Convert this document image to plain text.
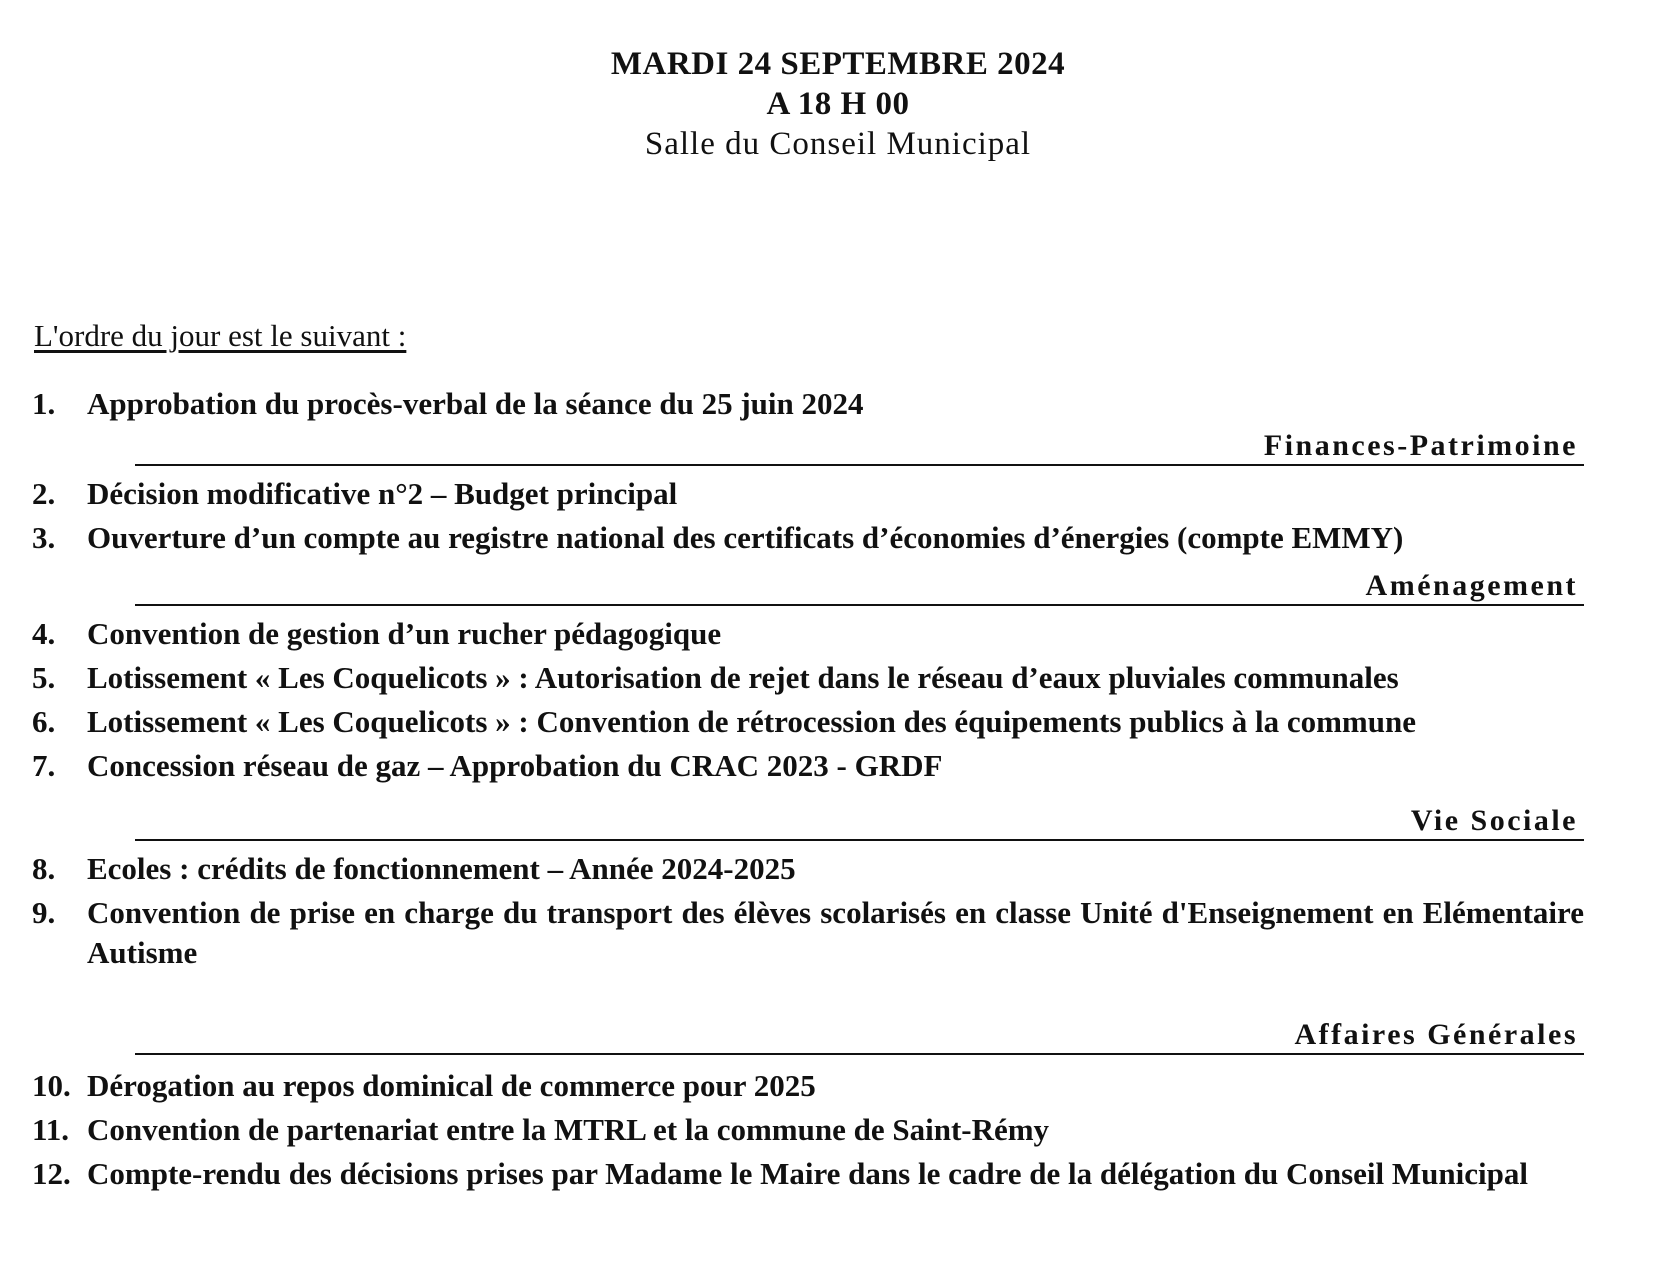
MARDI 24 SEPTEMBRE 2024
A 18 H 00
Salle du Conseil Municipal
L'ordre du jour est le suivant :
1. Approbation du procès-verbal de la séance du 25 juin 2024
Finances-Patrimoine
2. Décision modificative n°2 – Budget principal
3. Ouverture d’un compte au registre national des certificats d’économies d’énergies (compte EMMY)
Aménagement
4. Convention de gestion d’un rucher pédagogique
5. Lotissement « Les Coquelicots » : Autorisation de rejet dans le réseau d’eaux pluviales communales
6. Lotissement « Les Coquelicots » : Convention de rétrocession des équipements publics à la commune
7. Concession réseau de gaz – Approbation du CRAC 2023 - GRDF
Vie Sociale
8. Ecoles : crédits de fonctionnement – Année 2024-2025
9. Convention de prise en charge du transport des élèves scolarisés en classe Unité d'Enseignement en Elémentaire Autisme
Affaires Générales
10. Dérogation au repos dominical de commerce pour 2025
11. Convention de partenariat entre la MTRL et la commune de Saint-Rémy
12. Compte-rendu des décisions prises par Madame le Maire dans le cadre de la délégation du Conseil Municipal
